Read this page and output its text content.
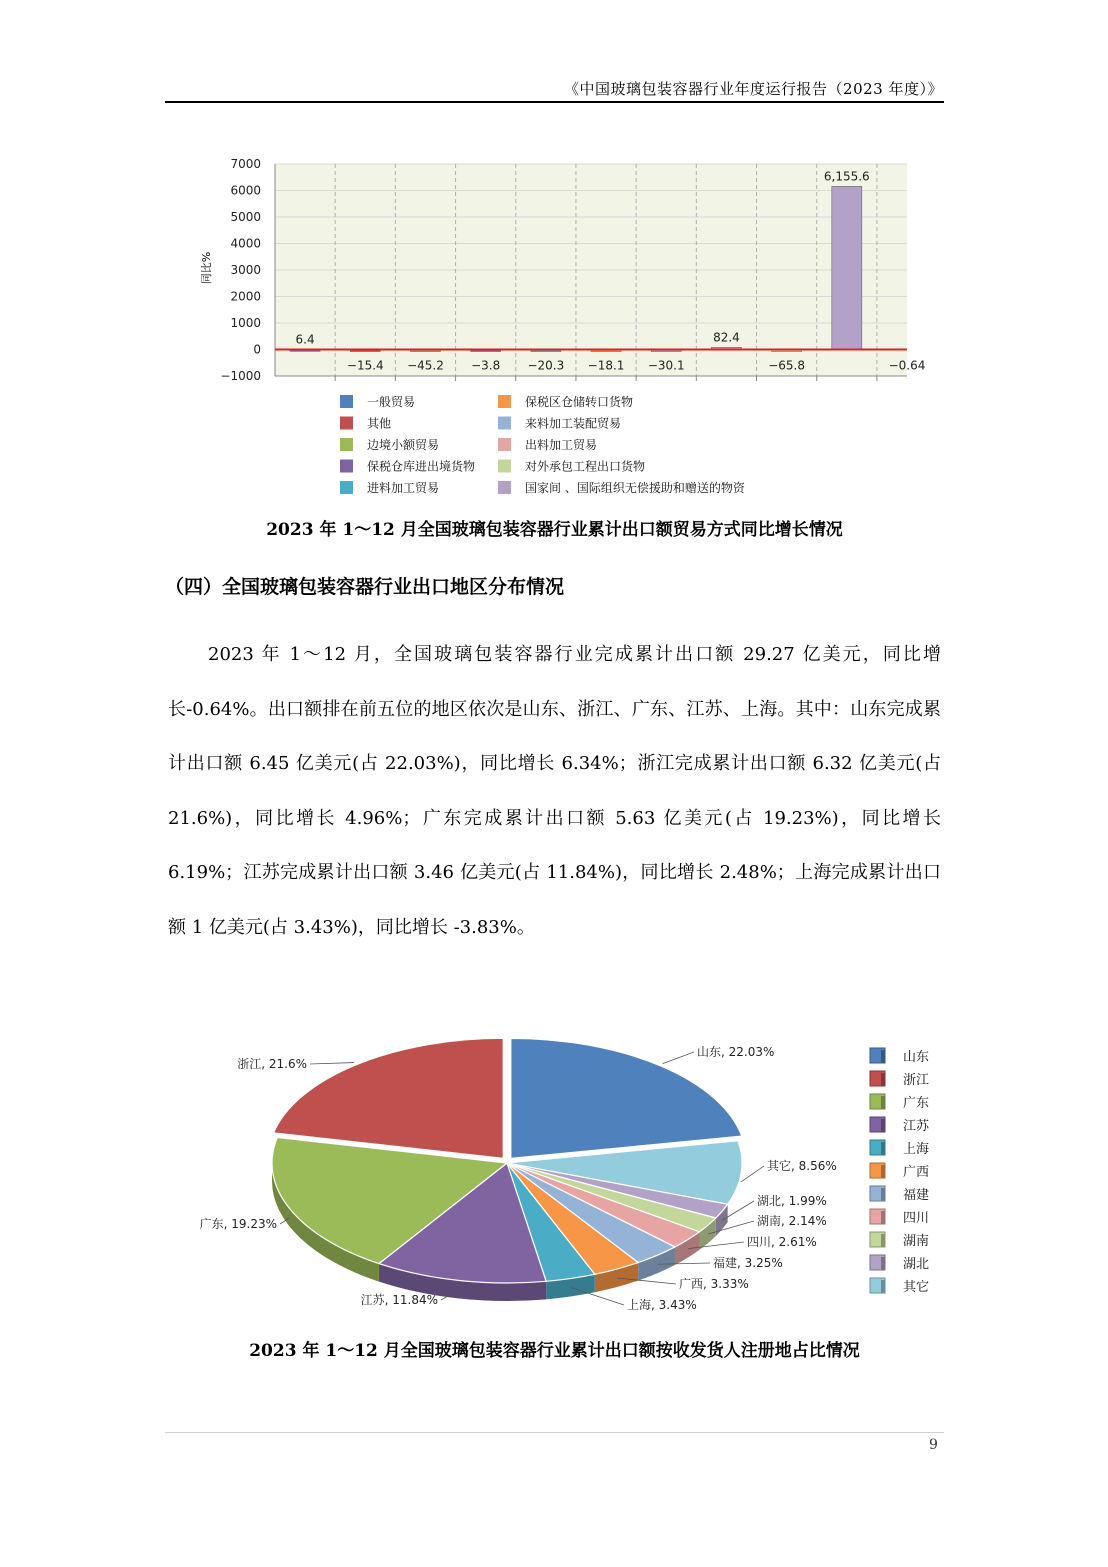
《中国玻璃包装容器行业年度运行报告（2023 年度）》
7000
6000
5000
4000
3000
2000
1000
0
−1000
6.4
−15.4 −45.2 −3.8 −20.3 −18.1 −30.1
82.4
−65.8
6,155.6
−0.64
同比%
一般贸易	保税区仓储转口货物
其他	来料加工装配贸易
边境小额贸易	出料加工贸易
保税仓库进出境货物	对外承包工程出口货物
进料加工贸易	国家间 、国际组织无偿援助和赠送的物资
2023 年 1～12 月全国玻璃包装容器行业累计出口额贸易方式同比增长情况
（四）全国玻璃包装容器行业出口地区分布情况
2023 年 1～12 月，全国玻璃包装容器行业完成累计出口额 29.27 亿美元，同比增长-0.64%。出口额排在前五位的地区依次是山东、浙江、广东、江苏、上海。其中：山东完成累计出口额 6.45 亿美元(占 22.03%)，同比增长 6.34%；浙江完成累计出口额 6.32 亿美元(占 21.6%)，同比增长 4.96%；广东完成累计出口额 5.63 亿美元(占 19.23%)，同比增长 6.19%；江苏完成累计出口额 3.46 亿美元(占 11.84%)，同比增长 2.48%；上海完成累计出口额 1 亿美元(占 3.43%)，同比增长 -3.83%。
山东, 22.03%
其它, 8.56%
湖北, 1.99%
湖南, 2.14%
四川, 2.61%
福建, 3.25%
广西, 3.33%
上海, 3.43%
江苏, 11.84%
广东, 19.23%
浙江, 21.6%	山东
浙江
广东
江苏
上海
广西
福建
四川
湖南
湖北
其它
2023 年 1～12 月全国玻璃包装容器行业累计出口额按收发货人注册地占比情况
9
